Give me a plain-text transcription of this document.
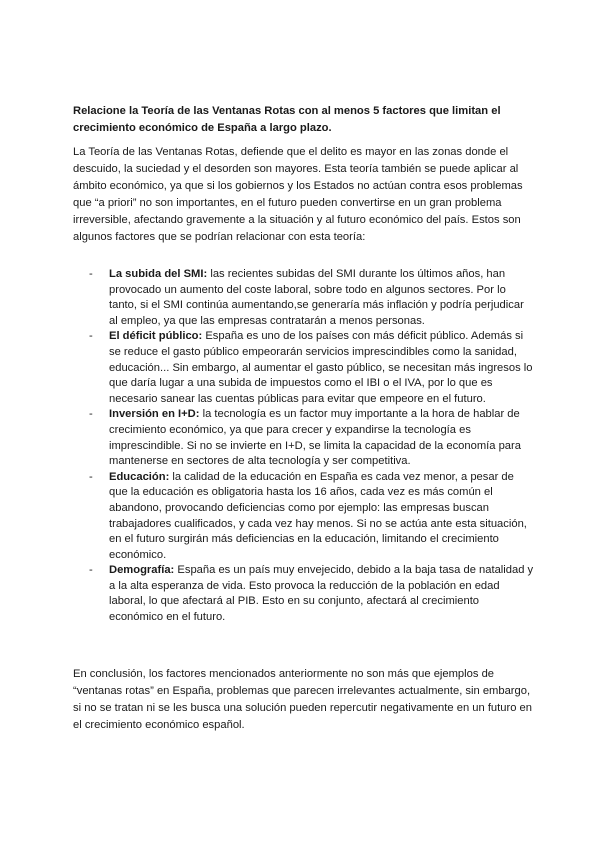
Relacione la Teoría de las Ventanas Rotas con al menos 5 factores que limitan el crecimiento económico de España a largo plazo.

La Teoría de las Ventanas Rotas, defiende que el delito es mayor en las zonas donde el descuido, la suciedad y el desorden son mayores. Esta teoría también se puede aplicar al ámbito económico, ya que si los gobiernos y los Estados no actúan contra esos problemas que “a priori” no son importantes, en el futuro pueden convertirse en un gran problema irreversible, afectando gravemente a la situación y al futuro económico del país. Estos son algunos factores que se podrían relacionar con esta teoría:

- La subida del SMI: las recientes subidas del SMI durante los últimos años, han provocado un aumento del coste laboral, sobre todo en algunos sectores. Por lo tanto, si el SMI continúa aumentando,se generaría más inflación y podría perjudicar al empleo, ya que las empresas contratarán a menos personas.
- El déficit público: España es uno de los países con más déficit público. Además si se reduce el gasto público empeorarán servicios imprescindibles como la sanidad, educación... Sin embargo, al aumentar el gasto público, se necesitan más ingresos lo que daría lugar a una subida de impuestos como el IBI o el IVA, por lo que es necesario sanear las cuentas públicas para evitar que empeore en el futuro.
- Inversión en I+D: la tecnología es un factor muy importante a la hora de hablar de crecimiento económico, ya que para crecer y expandirse la tecnología es imprescindible. Si no se invierte en I+D, se limita la capacidad de la economía para mantenerse en sectores de alta tecnología y ser competitiva.
- Educación: la calidad de la educación en España es cada vez menor, a pesar de que la educación es obligatoria hasta los 16 años, cada vez es más común el abandono, provocando deficiencias como por ejemplo: las empresas buscan trabajadores cualificados, y cada vez hay menos. Si no se actúa ante esta situación, en el futuro surgirán más deficiencias en la educación, limitando el crecimiento económico.
- Demografía: España es un país muy envejecido, debido a la baja tasa de natalidad y a la alta esperanza de vida. Esto provoca la reducción de la población en edad laboral, lo que afectará al PIB. Esto en su conjunto, afectará al crecimiento económico en el futuro.

En conclusión, los factores mencionados anteriormente no son más que ejemplos de “ventanas rotas” en España, problemas que parecen irrelevantes actualmente, sin embargo, si no se tratan ni se les busca una solución pueden repercutir negativamente en un futuro en el crecimiento económico español.
